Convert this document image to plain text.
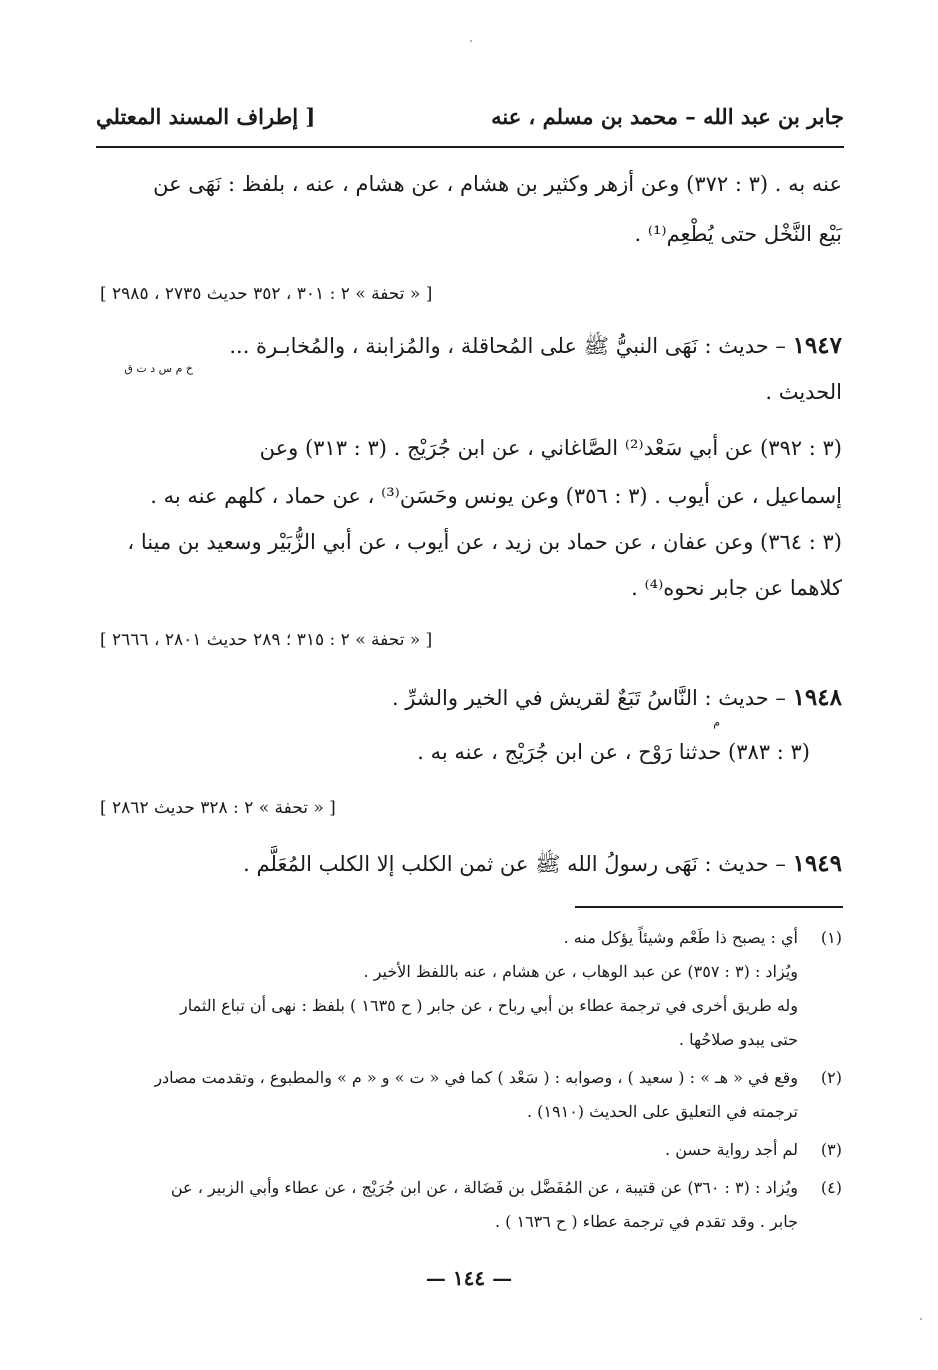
جابر بن عبد الله – محمد بن مسلم ، عنه
[ إطراف المسند المعتلي
عنه به . (٣ : ٣٧٢) وعن أزهر وكثير بن هشام ، عن هشام ، عنه ، بلفظ : نَهَى عن
بَيْع النَّخْل حتى يُطْعِم⁽¹⁾ .
[ « تحفة » ٢ : ٣٠١ ، ٣٥٢ حديث ٢٧٣٥ ، ٢٩٨٥ ]
١٩٤٧ – حديث : نَهَى النبيُّ ﷺ على المُحاقلة ، والمُزابنة ، والمُخابـرة ...
خ م س د ت ق
الحديث .
(٣ : ٣٩٢) عن أبي سَعْد⁽²⁾ الصَّاغاني ، عن ابن جُرَيْج . (٣ : ٣١٣) وعن
إسماعيل ، عن أيوب . (٣ : ٣٥٦) وعن يونس وحَسَن⁽³⁾ ، عن حماد ، كلهم عنه به .
(٣ : ٣٦٤) وعن عفان ، عن حماد بن زيد ، عن أيوب ، عن أبي الزُّبَيْر وسعيد بن مينا ،
كلاهما عن جابر نحوه⁽⁴⁾ .
[ « تحفة » ٢ : ٣١٥ ؛ ٢٨٩ حديث ٢٨٠١ ، ٢٦٦٦ ]
١٩٤٨ – حديث : النَّاسُ تَبَعٌ لقريش في الخير والشرِّ .
م
(٣ : ٣٨٣) حدثنا رَوْح ، عن ابن جُرَيْج ، عنه به .
[ « تحفة » ٢ : ٣٢٨ حديث ٢٨٦٢ ]
١٩٤٩ – حديث : نَهَى رسولُ الله ﷺ عن ثمن الكلب إلا الكلب المُعَلَّم .
(١)
أي : يصبح ذا طَعْم وشيئاً يؤكل منه .
ويُزاد : (٣ : ٣٥٧) عن عبد الوهاب ، عن هشام ، عنه باللفظ الأخير .
وله طريق أخرى في ترجمة عطاء بن أبي رباح ، عن جابر ( ح ١٦٣٥ ) بلفظ : نهى أن تباع الثمار
حتى يبدو صلاحُها .
(٢)
وقع في « هـ » : ( سعيد ) ، وصوابه : ( سَعْد ) كما في « ت » و « م » والمطبوع ، وتقدمت مصادر
ترجمته في التعليق على الحديث (١٩١٠) .
(٣)
لم أجد رواية حسن .
(٤)
ويُزاد : (٣ : ٣٦٠) عن قتيبة ، عن المُفَضَّل بن فَضَالة ، عن ابن جُرَيْج ، عن عطاء وأبي الزبير ، عن
جابر . وقد تقدم في ترجمة عطاء ( ح ١٦٣٦ ) .
— ١٤٤ —
